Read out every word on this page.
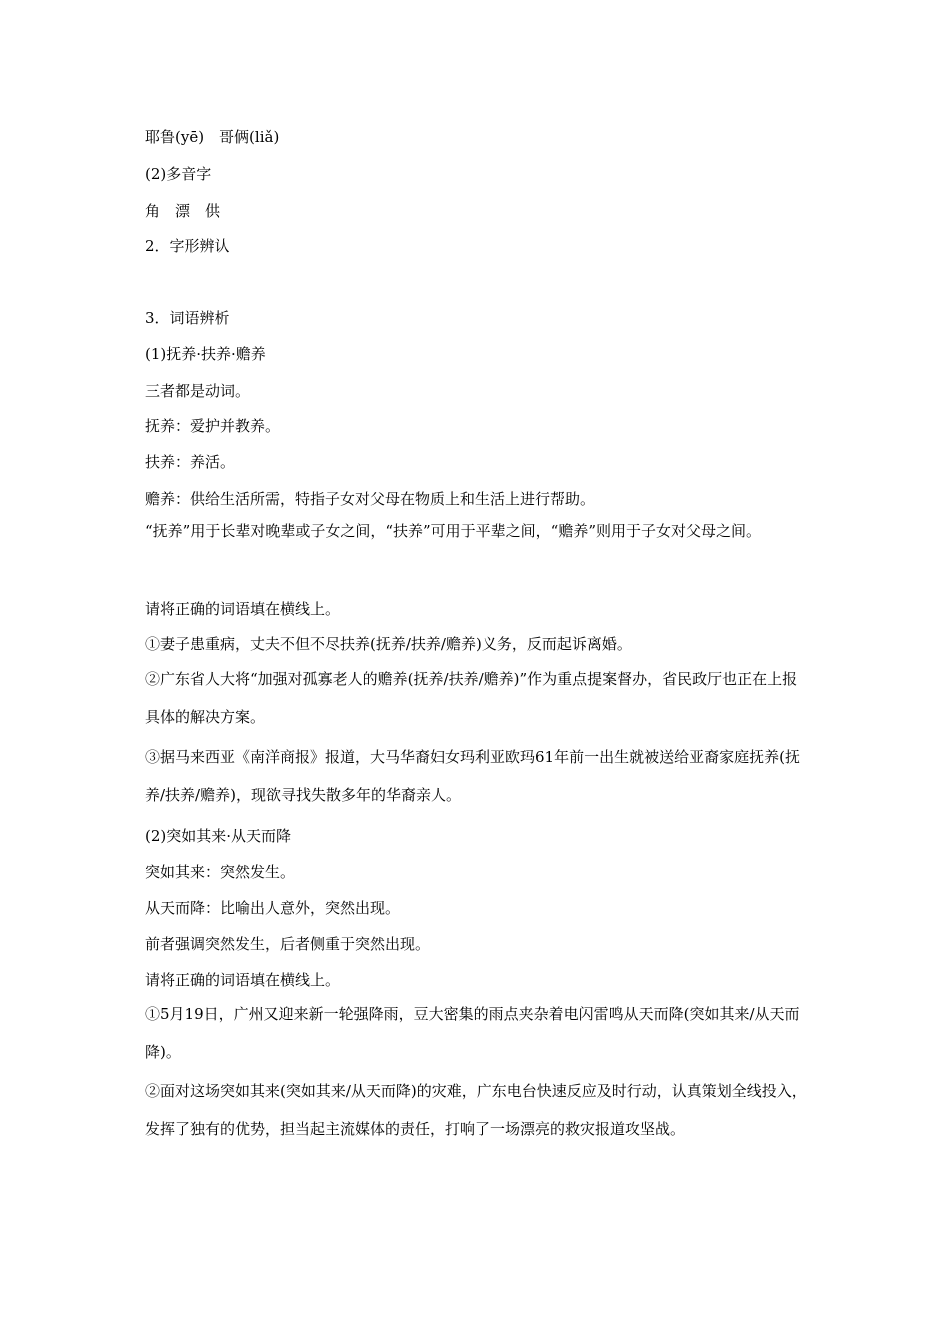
耶鲁(yē)　哥俩(liǎ)
(2)多音字
角　漂　供
2．字形辨认
3．词语辨析
(1)抚养·扶养·赡养
三者都是动词。
抚养：爱护并教养。
扶养：养活。
赡养：供给生活所需，特指子女对父母在物质上和生活上进行帮助。
“抚养”用于长辈对晚辈或子女之间，“扶养”可用于平辈之间，“赡养”则用于子女对父母之间。
请将正确的词语填在横线上。
①妻子患重病，丈夫不但不尽扶养(抚养/扶养/赡养)义务，反而起诉离婚。
②广东省人大将“加强对孤寡老人的赡养(抚养/扶养/赡养)”作为重点提案督办，省民政厅也正在上报具体的解决方案。
③据马来西亚《南洋商报》报道，大马华裔妇女玛利亚欧玛61年前一出生就被送给亚裔家庭抚养(抚养/扶养/赡养)，现欲寻找失散多年的华裔亲人。
(2)突如其来·从天而降
突如其来：突然发生。
从天而降：比喻出人意外，突然出现。
前者强调突然发生，后者侧重于突然出现。
请将正确的词语填在横线上。
①5月19日，广州又迎来新一轮强降雨，豆大密集的雨点夹杂着电闪雷鸣从天而降(突如其来/从天而降)。
②面对这场突如其来(突如其来/从天而降)的灾难，广东电台快速反应及时行动，认真策划全线投入，发挥了独有的优势，担当起主流媒体的责任，打响了一场漂亮的救灾报道攻坚战。
